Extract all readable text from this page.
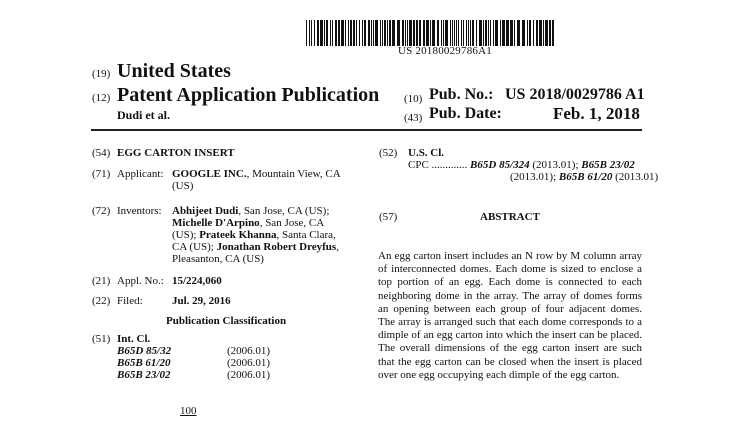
US 20180029786A1
(19) United States
(12) Patent Application Publication
Dudi et al.
(10) Pub. No.: US 2018/0029786 A1
(43) Pub. Date:	Feb. 1, 2018
(54) EGG CARTON INSERT
(71) Applicant: GOOGLE INC., Mountain View, CA
(US)
(72) Inventors: Abhijeet Dudi, San Jose, CA (US);
Michelle D'Arpino, San Jose, CA
(US); Prateek Khanna, Santa Clara,
CA (US); Jonathan Robert Dreyfus,
Pleasanton, CA (US)
(21) Appl. No.: 15/224,060
(22) Filed:	Jul. 29, 2016
Publication Classification
(51) Int. Cl.
B65D 85/32	(2006.01)
B65B 61/20	(2006.01)
B65B 23/02	(2006.01)
100
(52) U.S. Cl.
CPC ............. B65D 85/324 (2013.01); B65B 23/02
(2013.01); B65B 61/20 (2013.01)
(57)	ABSTRACT
An egg carton insert includes an N row by M column array of interconnected domes. Each dome is sized to enclose a top portion of an egg. Each dome is connected to each neighboring dome in the array. The array of domes forms an opening between each group of four adjacent domes. The array is arranged such that each dome corresponds to a dimple of an egg carton into which the insert can be placed. The overall dimensions of the egg carton insert are such that the egg carton can be closed when the insert is placed over one egg occupying each dimple of the egg carton.
